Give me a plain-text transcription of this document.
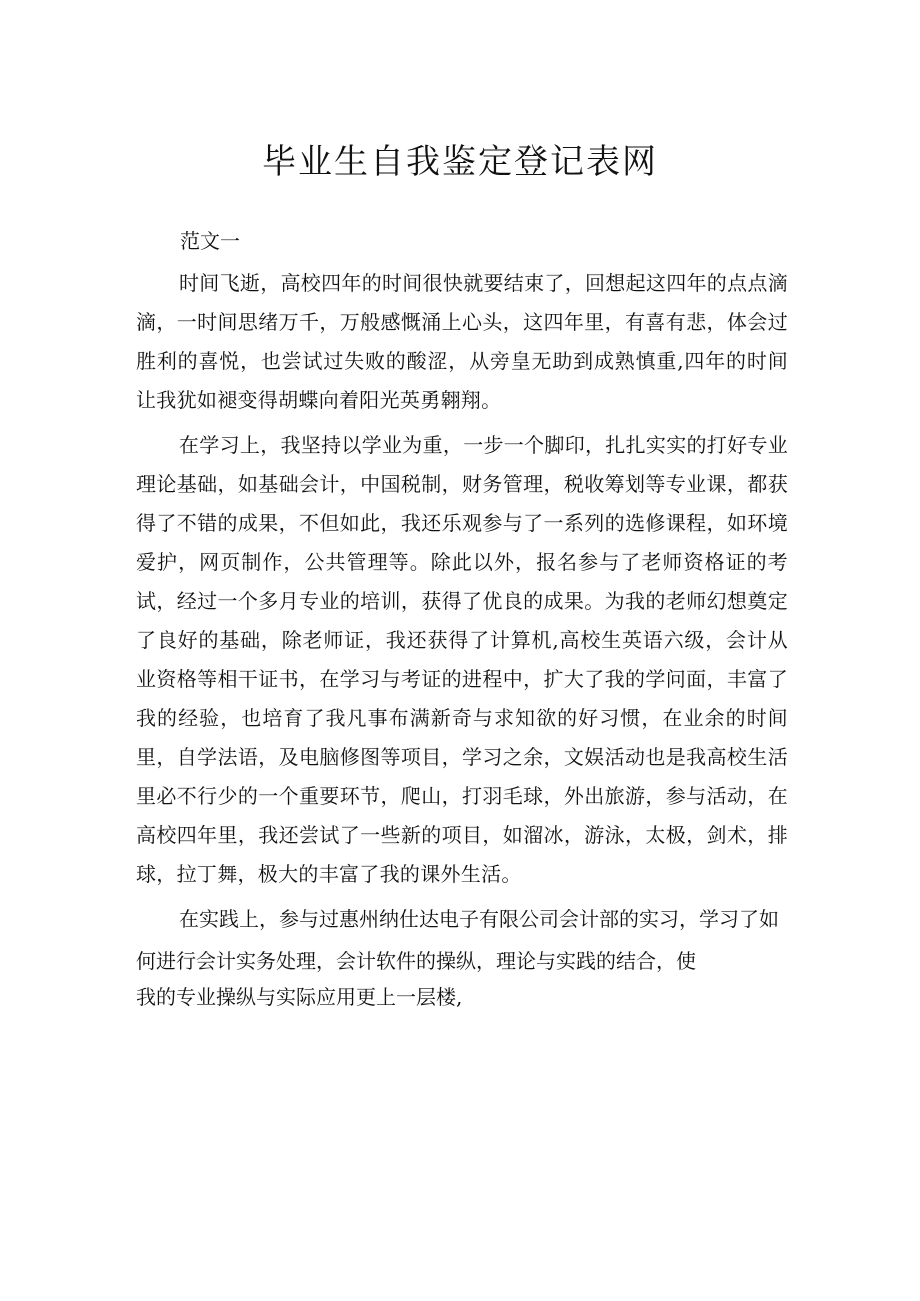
毕业生自我鉴定登记表网

范文一

时间飞逝，高校四年的时间很快就要结束了，回想起这四年的点点滴滴，一时间思绪万千，万般感慨涌上心头，这四年里，有喜有悲，体会过胜利的喜悦，也尝试过失败的酸涩，从旁皇无助到成熟慎重,四年的时间让我犹如褪变得胡蝶向着阳光英勇翱翔。

在学习上，我坚持以学业为重，一步一个脚印，扎扎实实的打好专业理论基础，如基础会计，中国税制，财务管理，税收筹划等专业课，都获得了不错的成果，不但如此，我还乐观参与了一系列的选修课程，如环境爱护，网页制作，公共管理等。除此以外，报名参与了老师资格证的考试，经过一个多月专业的培训，获得了优良的成果。为我的老师幻想奠定了良好的基础，除老师证，我还获得了计算机,高校生英语六级，会计从业资格等相干证书，在学习与考证的进程中，扩大了我的学问面，丰富了我的经验，也培育了我凡事布满新奇与求知欲的好习惯，在业余的时间里，自学法语，及电脑修图等项目，学习之余，文娱活动也是我高校生活里必不行少的一个重要环节，爬山，打羽毛球，外出旅游，参与活动，在高校四年里，我还尝试了一些新的项目，如溜冰，游泳，太极，剑术，排球，拉丁舞，极大的丰富了我的课外生活。

在实践上，参与过惠州纳仕达电子有限公司会计部的实习，学习了如

何进行会计实务处理，会计软件的操纵，理论与实践的结合，使
我的专业操纵与实际应用更上一层楼,
